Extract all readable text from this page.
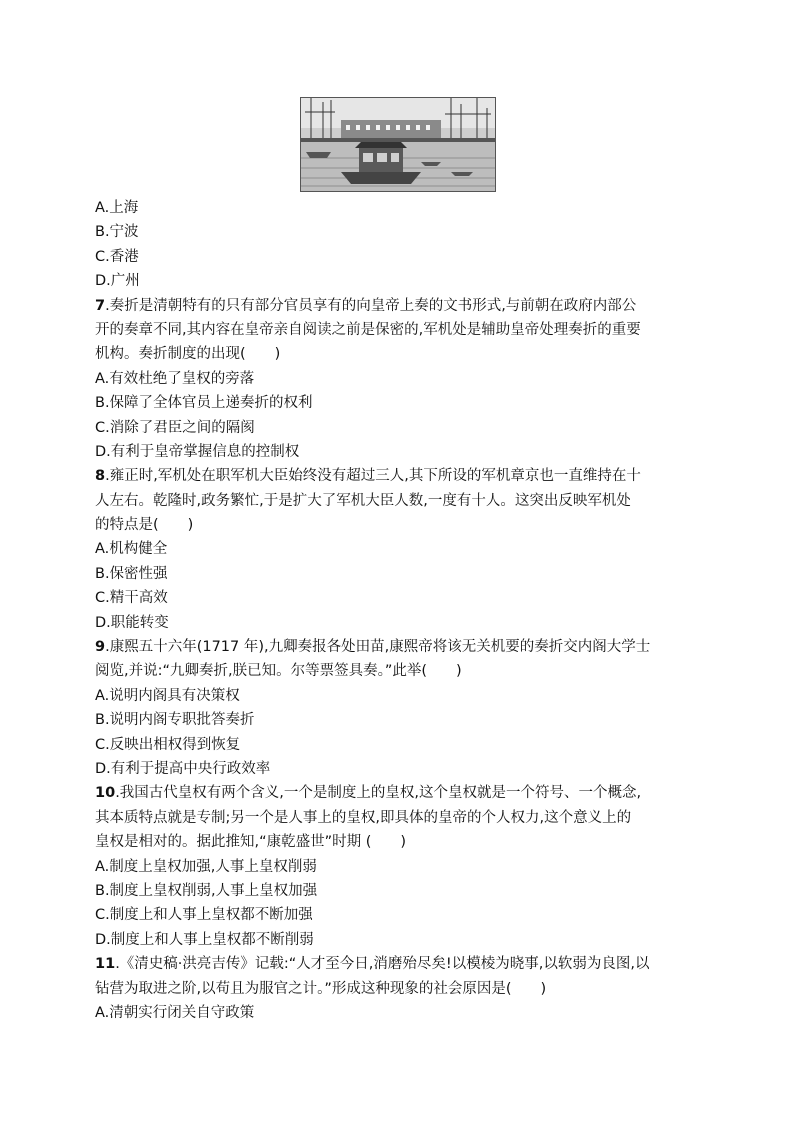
A.上海
B.宁波
C.香港
D.广州
7.奏折是清朝特有的只有部分官员享有的向皇帝上奏的文书形式,与前朝在政府内部公
开的奏章不同,其内容在皇帝亲自阅读之前是保密的,军机处是辅助皇帝处理奏折的重要
机构。奏折制度的出现(　　)
A.有效杜绝了皇权的旁落
B.保障了全体官员上递奏折的权利
C.消除了君臣之间的隔阂
D.有利于皇帝掌握信息的控制权
8.雍正时,军机处在职军机大臣始终没有超过三人,其下所设的军机章京也一直维持在十
人左右。乾隆时,政务繁忙,于是扩大了军机大臣人数,一度有十人。这突出反映军机处
的特点是(　　)
A.机构健全
B.保密性强
C.精干高效
D.职能转变
9.康熙五十六年(1717 年),九卿奏报各处田苗,康熙帝将该无关机要的奏折交内阁大学士
阅览,并说:“九卿奏折,朕已知。尔等票签具奏。”此举(　　)
A.说明内阁具有决策权
B.说明内阁专职批答奏折
C.反映出相权得到恢复
D.有利于提高中央行政效率
10.我国古代皇权有两个含义,一个是制度上的皇权,这个皇权就是一个符号、一个概念,
其本质特点就是专制;另一个是人事上的皇权,即具体的皇帝的个人权力,这个意义上的
皇权是相对的。据此推知,“康乾盛世”时期 (　　)
A.制度上皇权加强,人事上皇权削弱
B.制度上皇权削弱,人事上皇权加强
C.制度上和人事上皇权都不断加强
D.制度上和人事上皇权都不断削弱
11.《清史稿·洪亮吉传》记载:“人才至今日,消磨殆尽矣!以模棱为晓事,以软弱为良图,以
钻营为取进之阶,以苟且为服官之计。”形成这种现象的社会原因是(　　)
A.清朝实行闭关自守政策
